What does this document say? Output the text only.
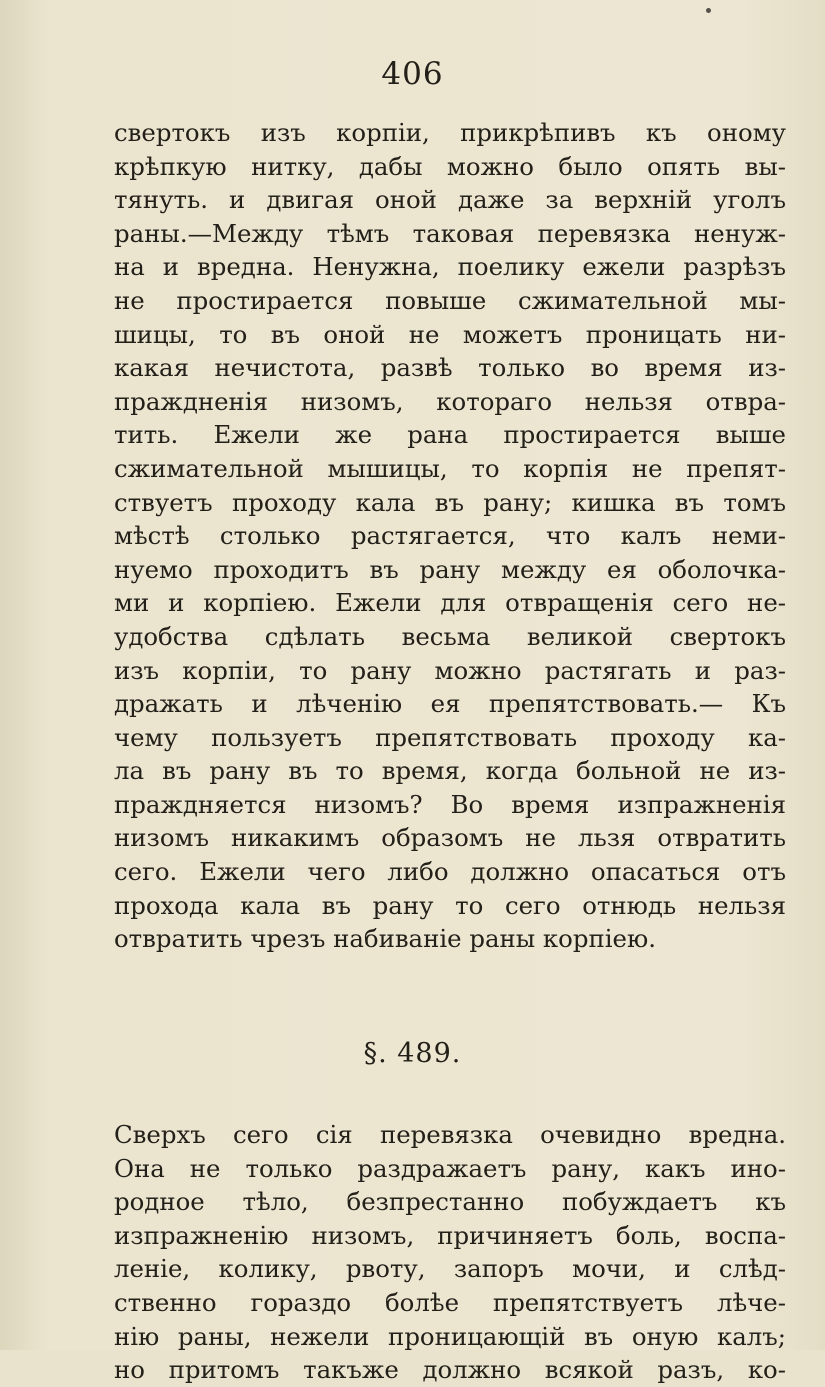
406
свертокъ изъ корпіи, прикрѣпивъ къ оному
крѣпкую нитку, дабы можно было опять вы-
тянуть. и двигая оной даже за верхній уголъ
раны.—Между тѣмъ таковая перевязка ненуж-
на и вредна. Ненужна, поелику ежели разрѣзъ
не простирается повыше сжимательной мы-
шицы, то въ оной не можетъ проницать ни-
какая нечистота, развѣ только во время из-
праждненія низомъ, котораго нельзя отвра-
тить. Ежели же рана простирается выше
сжимательной мышицы, то корпія не препят-
ствуетъ проходу кала въ рану; кишка въ томъ
мѣстѣ столько растягается, что калъ неми-
нуемо проходитъ въ рану между ея оболочка-
ми и корпіею. Ежели для отвращенія сего не-
удобства сдѣлать весьма великой свертокъ
изъ корпіи, то рану можно растягать и раз-
дражать и лѣченію ея препятствовать.— Къ
чему пользуетъ препятствовать проходу ка-
ла въ рану въ то время, когда больной не из-
праждняется низомъ? Во время изпражненія
низомъ никакимъ образомъ не льзя отвратить
сего. Ежели чего либо должно опасаться отъ
прохода кала въ рану то сего отнюдь нельзя
отвратить чрезъ набиваніе раны корпіею.
§. 489.
Сверхъ сего сія перевязка очевидно вредна.
Она не только раздражаетъ рану, какъ ино-
родное тѣло, безпрестанно побуждаетъ къ
изпражненію низомъ, причиняетъ боль, воспа-
леніе, колику, рвоту, запоръ мочи, и слѣд-
ственно гораздо болѣе препятствуетъ лѣче-
нію раны, нежели проницающій въ оную калъ;
но притомъ такъже должно всякой разъ, ко-
